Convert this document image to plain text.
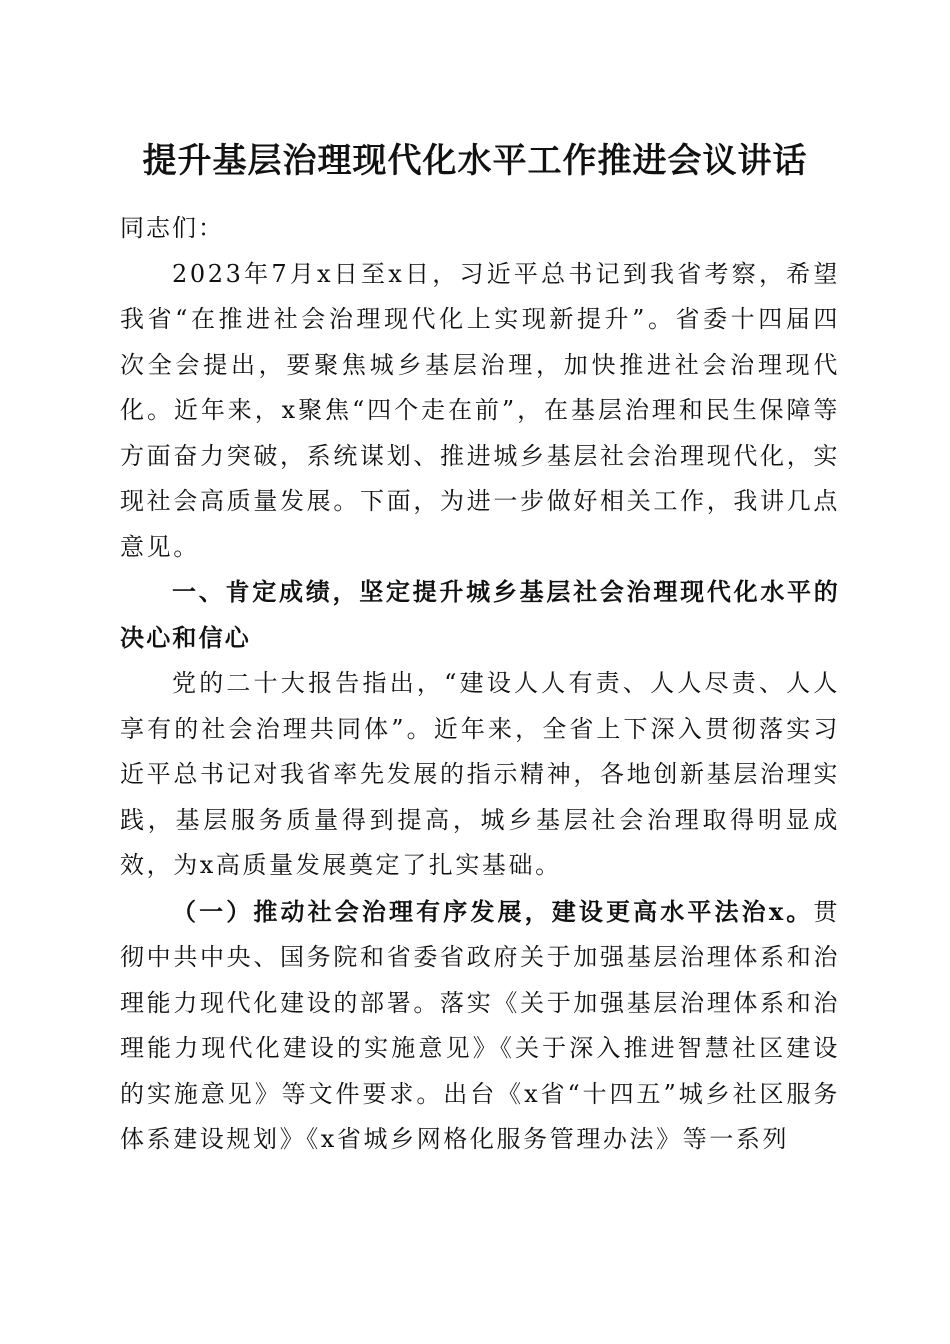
提升基层治理现代化水平工作推进会议讲话

同志们：

2023年7月x日至x日，习近平总书记到我省考察，希望我省“在推进社会治理现代化上实现新提升”。省委十四届四次全会提出，要聚焦城乡基层治理，加快推进社会治理现代化。近年来，x聚焦“四个走在前”，在基层治理和民生保障等方面奋力突破，系统谋划、推进城乡基层社会治理现代化，实现社会高质量发展。下面，为进一步做好相关工作，我讲几点意见。

一、肯定成绩，坚定提升城乡基层社会治理现代化水平的决心和信心

党的二十大报告指出，“建设人人有责、人人尽责、人人享有的社会治理共同体”。近年来，全省上下深入贯彻落实习近平总书记对我省率先发展的指示精神，各地创新基层治理实践，基层服务质量得到提高，城乡基层社会治理取得明显成效，为x高质量发展奠定了扎实基础。

（一）推动社会治理有序发展，建设更高水平法治x。贯彻中共中央、国务院和省委省政府关于加强基层治理体系和治理能力现代化建设的部署。落实《关于加强基层治理体系和治理能力现代化建设的实施意见》《关于深入推进智慧社区建设的实施意见》等文件要求。出台《x省“十四五”城乡社区服务体系建设规划》《x省城乡网格化服务管理办法》等一系列
